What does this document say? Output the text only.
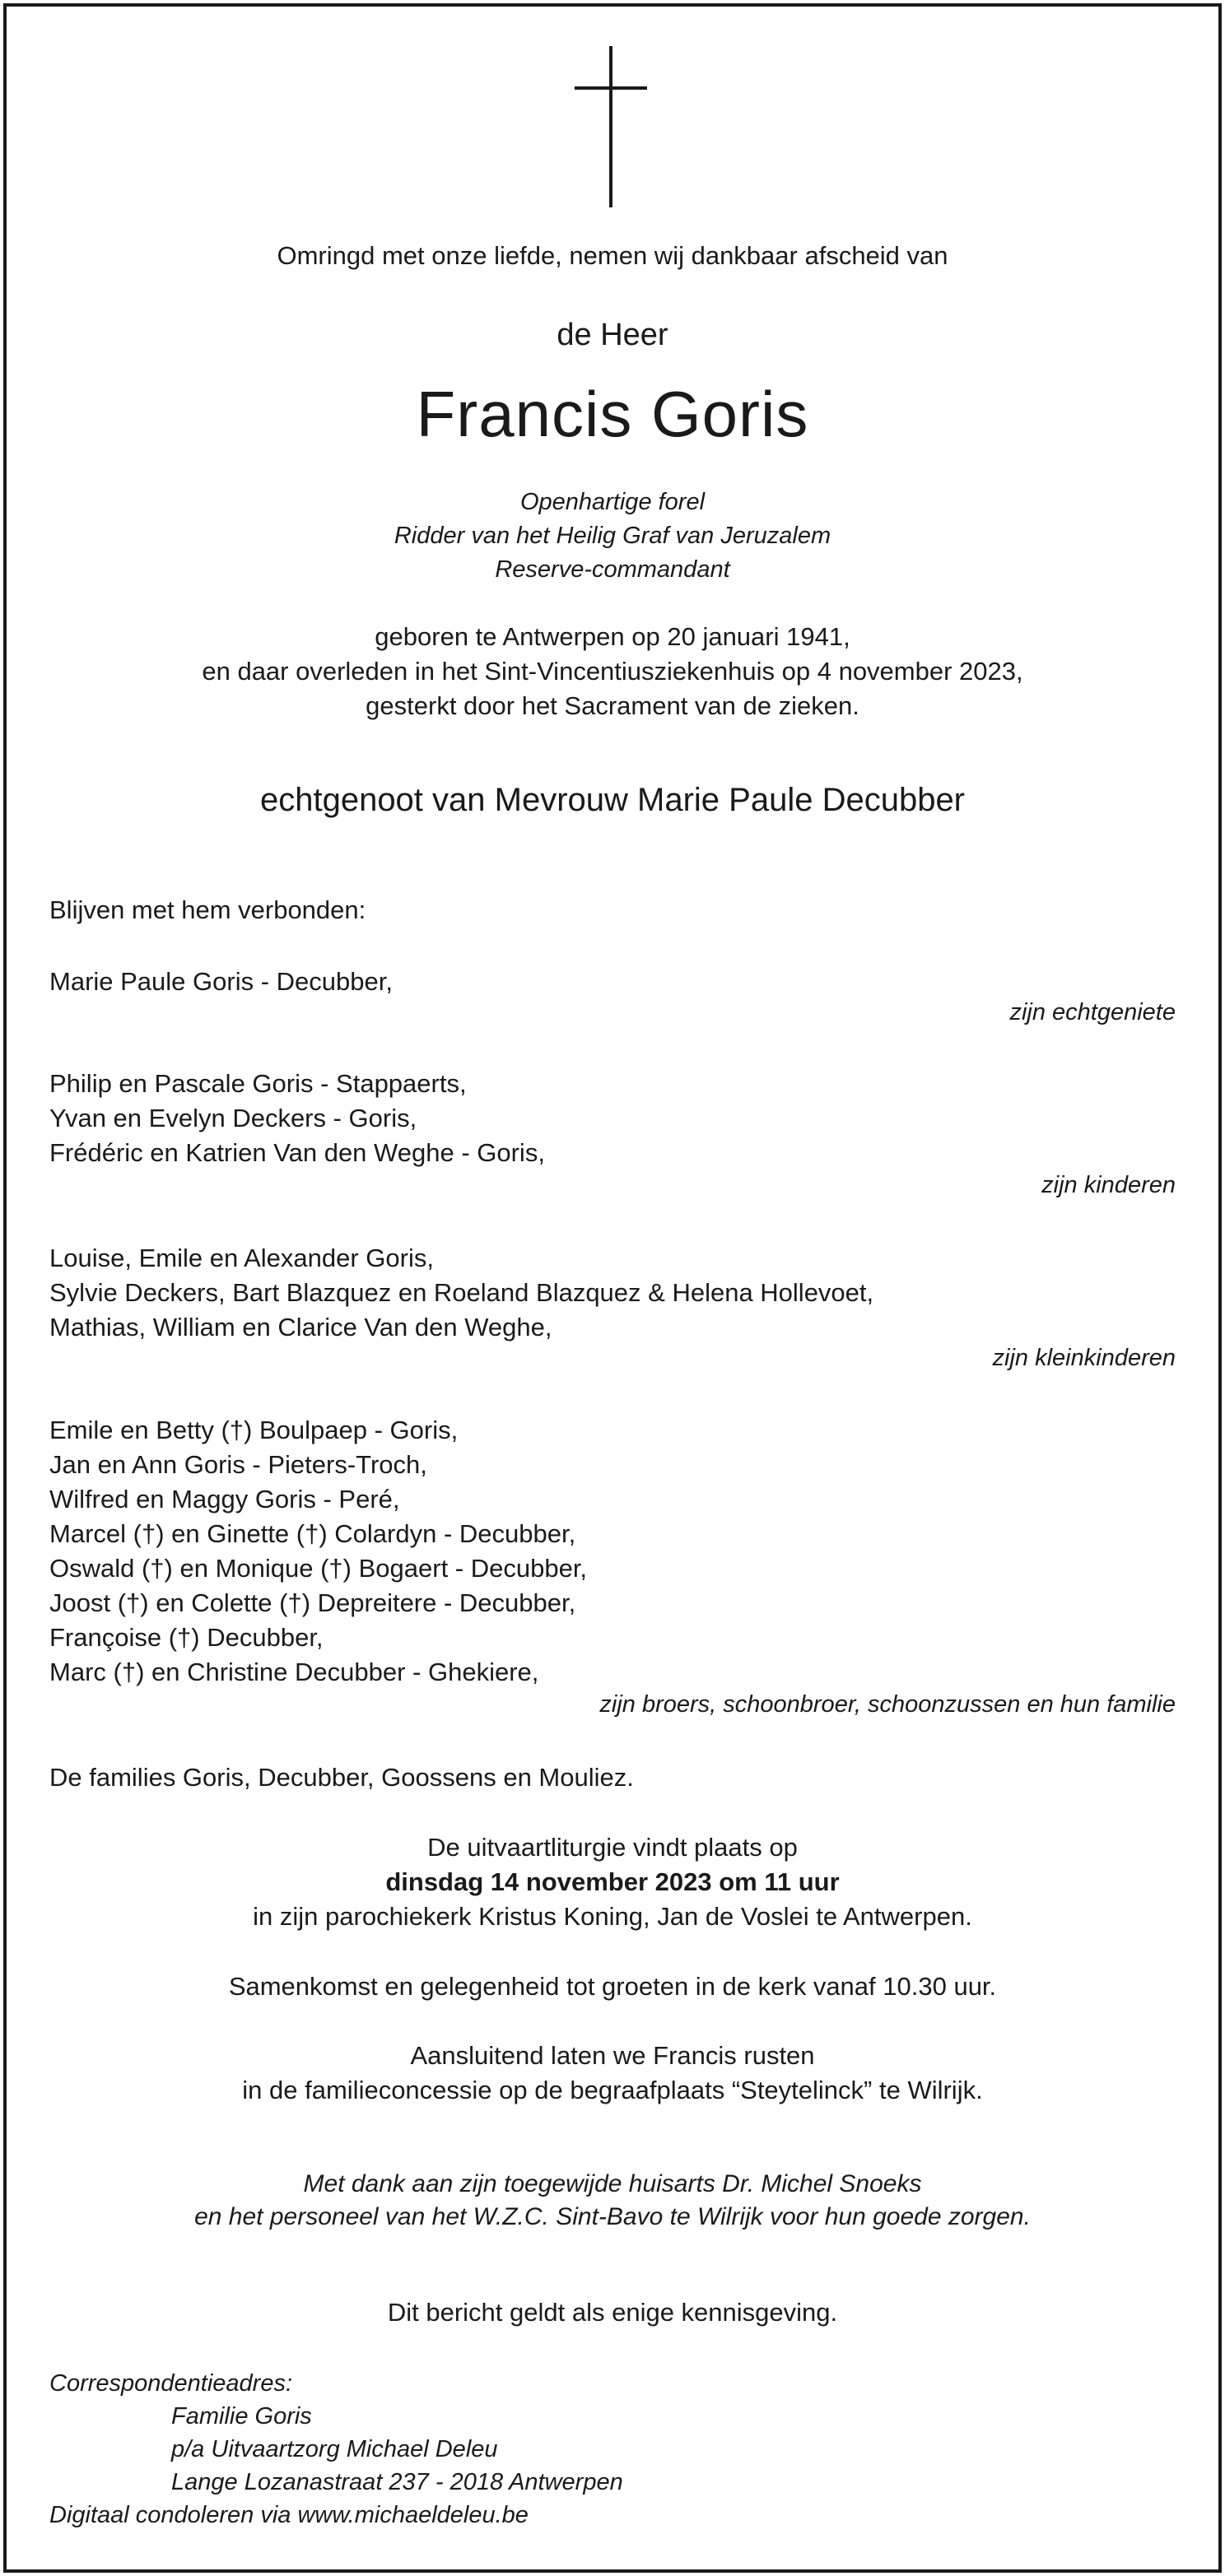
Omringd met onze liefde, nemen wij dankbaar afscheid van
de Heer
Francis Goris
Openhartige forel
Ridder van het Heilig Graf van Jeruzalem
Reserve-commandant
geboren te Antwerpen op 20 januari 1941,
en daar overleden in het Sint-Vincentiusziekenhuis op 4 november 2023,
gesterkt door het Sacrament van de zieken.
echtgenoot van Mevrouw Marie Paule Decubber
Blijven met hem verbonden:
Marie Paule Goris - Decubber,
zijn echtgeniete
Philip en Pascale Goris - Stappaerts,
Yvan en Evelyn Deckers - Goris,
Frédéric en Katrien Van den Weghe - Goris,
zijn kinderen
Louise, Emile en Alexander Goris,
Sylvie Deckers, Bart Blazquez en Roeland Blazquez & Helena Hollevoet,
Mathias, William en Clarice Van den Weghe,
zijn kleinkinderen
Emile en Betty (†) Boulpaep - Goris,
Jan en Ann Goris - Pieters-Troch,
Wilfred en Maggy Goris - Peré,
Marcel (†) en Ginette (†) Colardyn - Decubber,
Oswald (†) en Monique (†) Bogaert - Decubber,
Joost (†) en Colette (†) Depreitere - Decubber,
Françoise (†) Decubber,
Marc (†) en Christine Decubber - Ghekiere,
zijn broers, schoonbroer, schoonzussen en hun familie
De families Goris, Decubber, Goossens en Mouliez.
De uitvaartliturgie vindt plaats op
dinsdag 14 november 2023 om 11 uur
in zijn parochiekerk Kristus Koning, Jan de Voslei te Antwerpen.
Samenkomst en gelegenheid tot groeten in de kerk vanaf 10.30 uur.
Aansluitend laten we Francis rusten
in de familieconcessie op de begraafplaats “Steytelinck” te Wilrijk.
Met dank aan zijn toegewijde huisarts Dr. Michel Snoeks
en het personeel van het W.Z.C. Sint-Bavo te Wilrijk voor hun goede zorgen.
Dit bericht geldt als enige kennisgeving.
Correspondentieadres:
Familie Goris
p/a Uitvaartzorg Michael Deleu
Lange Lozanastraat 237 - 2018 Antwerpen
Digitaal condoleren via www.michaeldeleu.be
